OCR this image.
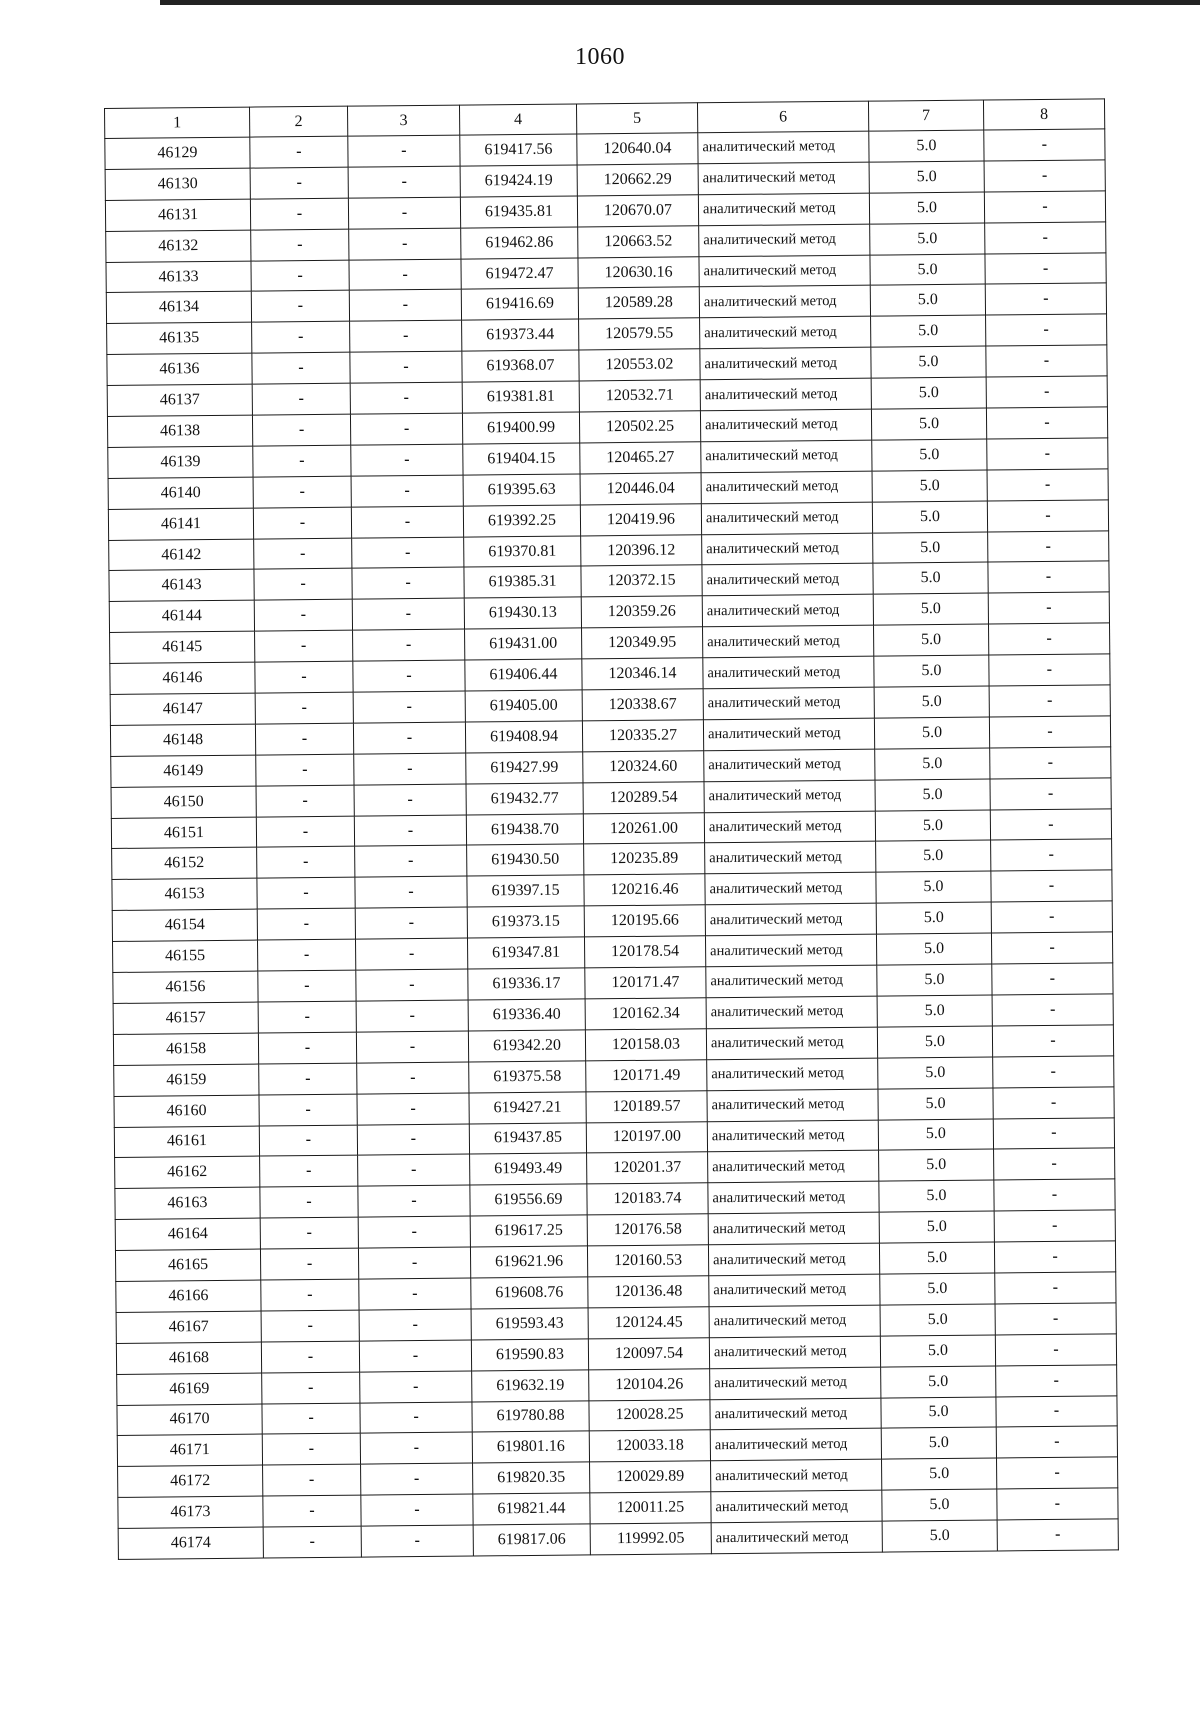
1060
1	2	3	4	5	6	7	8
46129	-	-	619417.56	120640.04	аналитический метод	5.0	-
46130	-	-	619424.19	120662.29	аналитический метод	5.0	-
46131	-	-	619435.81	120670.07	аналитический метод	5.0	-
46132	-	-	619462.86	120663.52	аналитический метод	5.0	-
46133	-	-	619472.47	120630.16	аналитический метод	5.0	-
46134	-	-	619416.69	120589.28	аналитический метод	5.0	-
46135	-	-	619373.44	120579.55	аналитический метод	5.0	-
46136	-	-	619368.07	120553.02	аналитический метод	5.0	-
46137	-	-	619381.81	120532.71	аналитический метод	5.0	-
46138	-	-	619400.99	120502.25	аналитический метод	5.0	-
46139	-	-	619404.15	120465.27	аналитический метод	5.0	-
46140	-	-	619395.63	120446.04	аналитический метод	5.0	-
46141	-	-	619392.25	120419.96	аналитический метод	5.0	-
46142	-	-	619370.81	120396.12	аналитический метод	5.0	-
46143	-	-	619385.31	120372.15	аналитический метод	5.0	-
46144	-	-	619430.13	120359.26	аналитический метод	5.0	-
46145	-	-	619431.00	120349.95	аналитический метод	5.0	-
46146	-	-	619406.44	120346.14	аналитический метод	5.0	-
46147	-	-	619405.00	120338.67	аналитический метод	5.0	-
46148	-	-	619408.94	120335.27	аналитический метод	5.0	-
46149	-	-	619427.99	120324.60	аналитический метод	5.0	-
46150	-	-	619432.77	120289.54	аналитический метод	5.0	-
46151	-	-	619438.70	120261.00	аналитический метод	5.0	-
46152	-	-	619430.50	120235.89	аналитический метод	5.0	-
46153	-	-	619397.15	120216.46	аналитический метод	5.0	-
46154	-	-	619373.15	120195.66	аналитический метод	5.0	-
46155	-	-	619347.81	120178.54	аналитический метод	5.0	-
46156	-	-	619336.17	120171.47	аналитический метод	5.0	-
46157	-	-	619336.40	120162.34	аналитический метод	5.0	-
46158	-	-	619342.20	120158.03	аналитический метод	5.0	-
46159	-	-	619375.58	120171.49	аналитический метод	5.0	-
46160	-	-	619427.21	120189.57	аналитический метод	5.0	-
46161	-	-	619437.85	120197.00	аналитический метод	5.0	-
46162	-	-	619493.49	120201.37	аналитический метод	5.0	-
46163	-	-	619556.69	120183.74	аналитический метод	5.0	-
46164	-	-	619617.25	120176.58	аналитический метод	5.0	-
46165	-	-	619621.96	120160.53	аналитический метод	5.0	-
46166	-	-	619608.76	120136.48	аналитический метод	5.0	-
46167	-	-	619593.43	120124.45	аналитический метод	5.0	-
46168	-	-	619590.83	120097.54	аналитический метод	5.0	-
46169	-	-	619632.19	120104.26	аналитический метод	5.0	-
46170	-	-	619780.88	120028.25	аналитический метод	5.0	-
46171	-	-	619801.16	120033.18	аналитический метод	5.0	-
46172	-	-	619820.35	120029.89	аналитический метод	5.0	-
46173	-	-	619821.44	120011.25	аналитический метод	5.0	-
46174	-	-	619817.06	119992.05	аналитический метод	5.0	-
